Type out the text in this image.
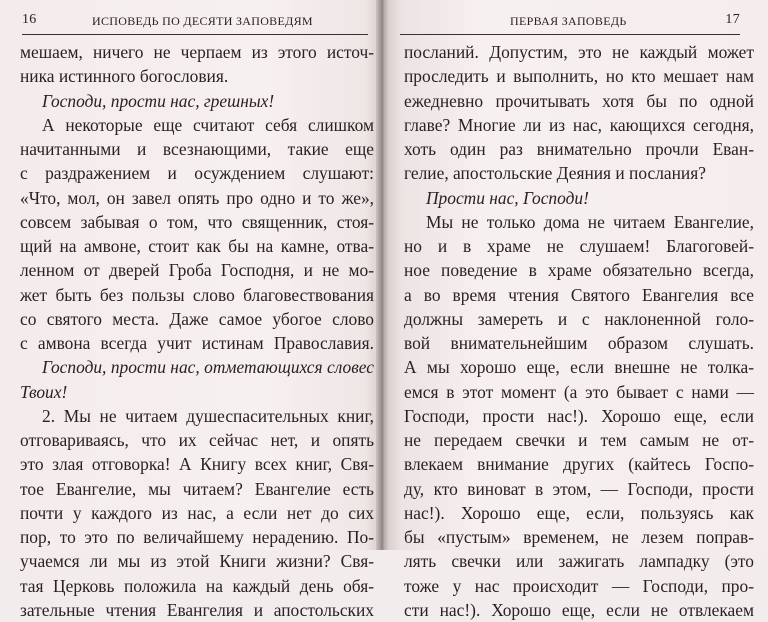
16	ИСПОВЕДЬ ПО ДЕСЯТИ ЗАПОВЕДЯМ
мешаем, ничего не черпаем из этого источ-
ника истинного богословия.
Господи, прости нас, грешных!
А некоторые еще считают себя слишком
начитанными и всезнающими, такие еще
с раздражением и осуждением слушают:
«Что, мол, он завел опять про одно и то же»,
совсем забывая о том, что священник, стоя-
щий на амвоне, стоит как бы на камне, отва-
ленном от дверей Гроба Господня, и не мо-
жет быть без пользы слово благовествования
со святого места. Даже самое убогое слово
с амвона всегда учит истинам Православия.
Господи, прости нас, отметающихся словес
Твоих!
2. Мы не читаем душеспасительных книг,
отговариваясь, что их сейчас нет, и опять
это злая отговорка! А Книгу всех книг, Свя-
тое Евангелие, мы читаем? Евангелие есть
почти у каждого из нас, а если нет до сих
пор, то это по величайшему нерадению. По-
учаемся ли мы из этой Книги жизни? Свя-
тая Церковь положила на каждый день обя-
зательные чтения Евангелия и апостольских
ПЕРВАЯ ЗАПОВЕДЬ	17
посланий. Допустим, это не каждый может
проследить и выполнить, но кто мешает нам
ежедневно прочитывать хотя бы по одной
главе? Многие ли из нас, кающихся сегодня,
хоть один раз внимательно прочли Еван-
гелие, апостольские Деяния и послания?
Прости нас, Господи!
Мы не только дома не читаем Евангелие,
но и в храме не слушаем! Благоговей-
ное поведение в храме обязательно всегда,
а во время чтения Святого Евангелия все
должны замереть и с наклоненной голо-
вой внимательнейшим образом слушать.
А мы хорошо еще, если внешне не толка-
емся в этот момент (а это бывает с нами —
Господи, прости нас!). Хорошо еще, если
не передаем свечки и тем самым не от-
влекаем внимание других (кайтесь Госпо-
ду, кто виноват в этом, — Господи, прости
нас!). Хорошо еще, если, пользуясь как
бы «пустым» временем, не лезем поправ-
лять свечки или зажигать лампадку (это
тоже у нас происходит — Господи, про-
сти нас!). Хорошо еще, если не отвлекаем
